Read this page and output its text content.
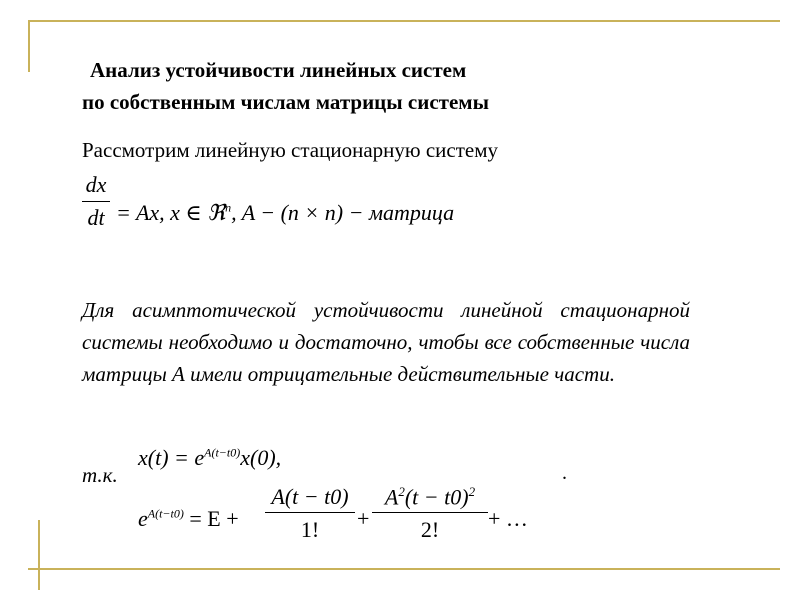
Анализ устойчивости линейных систем
по собственным числам матрицы системы
Рассмотрим линейную стационарную систему
dx
dt = Ax, x ∈ ℜ$^n$, A − (n × n) − матрица
Для асимптотической устойчивости линейной стационарной системы необходимо и достаточно, чтобы все собственные числа матрицы А имели отрицательные действительные части.
т.к.
$x(t) = e^{A(t-t0)}x(0)$,
.
$e^{A(t-t0)} = E$ +
A(t − t0)
1!	+
$A^2(t - t0)^2$
2!	+ …
